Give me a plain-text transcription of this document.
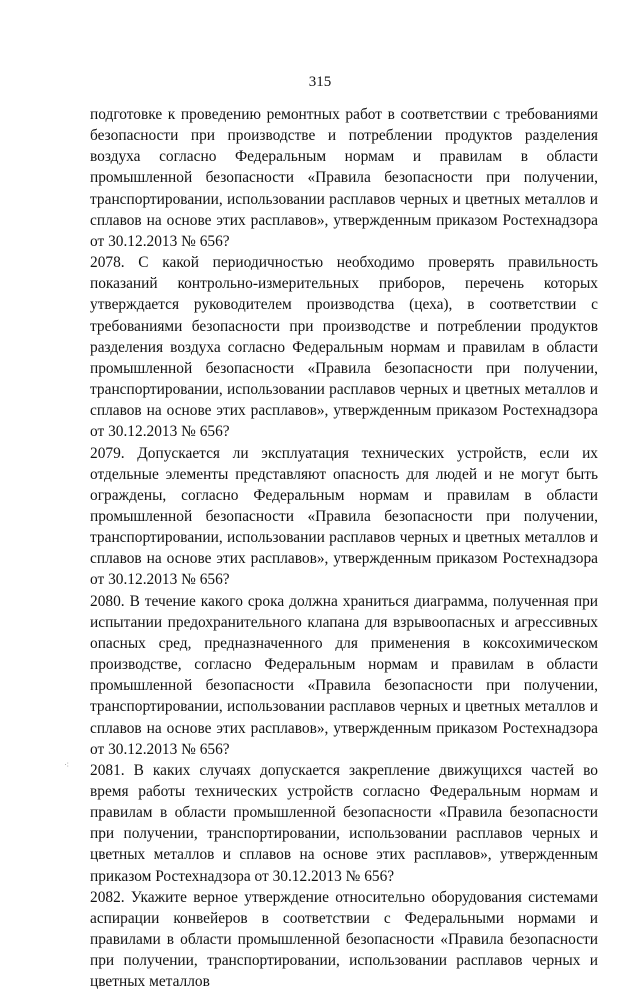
315

подготовке к проведению ремонтных работ в соответствии с требованиями безопасности при производстве и потреблении продуктов разделения воздуха согласно Федеральным нормам и правилам в области промышленной безопасности «Правила безопасности при получении, транспортировании, использовании расплавов черных и цветных металлов и сплавов на основе этих расплавов», утвержденным приказом Ростехнадзора от 30.12.2013 № 656?

2078. С какой периодичностью необходимо проверять правильность показаний контрольно-измерительных приборов, перечень которых утверждается руководителем производства (цеха), в соответствии с требованиями безопасности при производстве и потреблении продуктов разделения воздуха согласно Федеральным нормам и правилам в области промышленной безопасности «Правила безопасности при получении, транспортировании, использовании расплавов черных и цветных металлов и сплавов на основе этих расплавов», утвержденным приказом Ростехнадзора от 30.12.2013 № 656?

2079. Допускается ли эксплуатация технических устройств, если их отдельные элементы представляют опасность для людей и не могут быть ограждены, согласно Федеральным нормам и правилам в области промышленной безопасности «Правила безопасности при получении, транспортировании, использовании расплавов черных и цветных металлов и сплавов на основе этих расплавов», утвержденным приказом Ростехнадзора от 30.12.2013 № 656?

2080. В течение какого срока должна храниться диаграмма, полученная при испытании предохранительного клапана для взрывоопасных и агрессивных опасных сред, предназначенного для применения в коксохимическом производстве, согласно Федеральным нормам и правилам в области промышленной безопасности «Правила безопасности при получении, транспортировании, использовании расплавов черных и цветных металлов и сплавов на основе этих расплавов», утвержденным приказом Ростехнадзора от 30.12.2013 № 656?

2081. В каких случаях допускается закрепление движущихся частей во время работы технических устройств согласно Федеральным нормам и правилам в области промышленной безопасности «Правила безопасности при получении, транспортировании, использовании расплавов черных и цветных металлов и сплавов на основе этих расплавов», утвержденным приказом Ростехнадзора от 30.12.2013 № 656?

2082. Укажите верное утверждение относительно оборудования системами аспирации конвейеров в соответствии с Федеральными нормами и правилами в области промышленной безопасности «Правила безопасности при получении, транспортировании, использовании расплавов черных и цветных металлов

⁖
